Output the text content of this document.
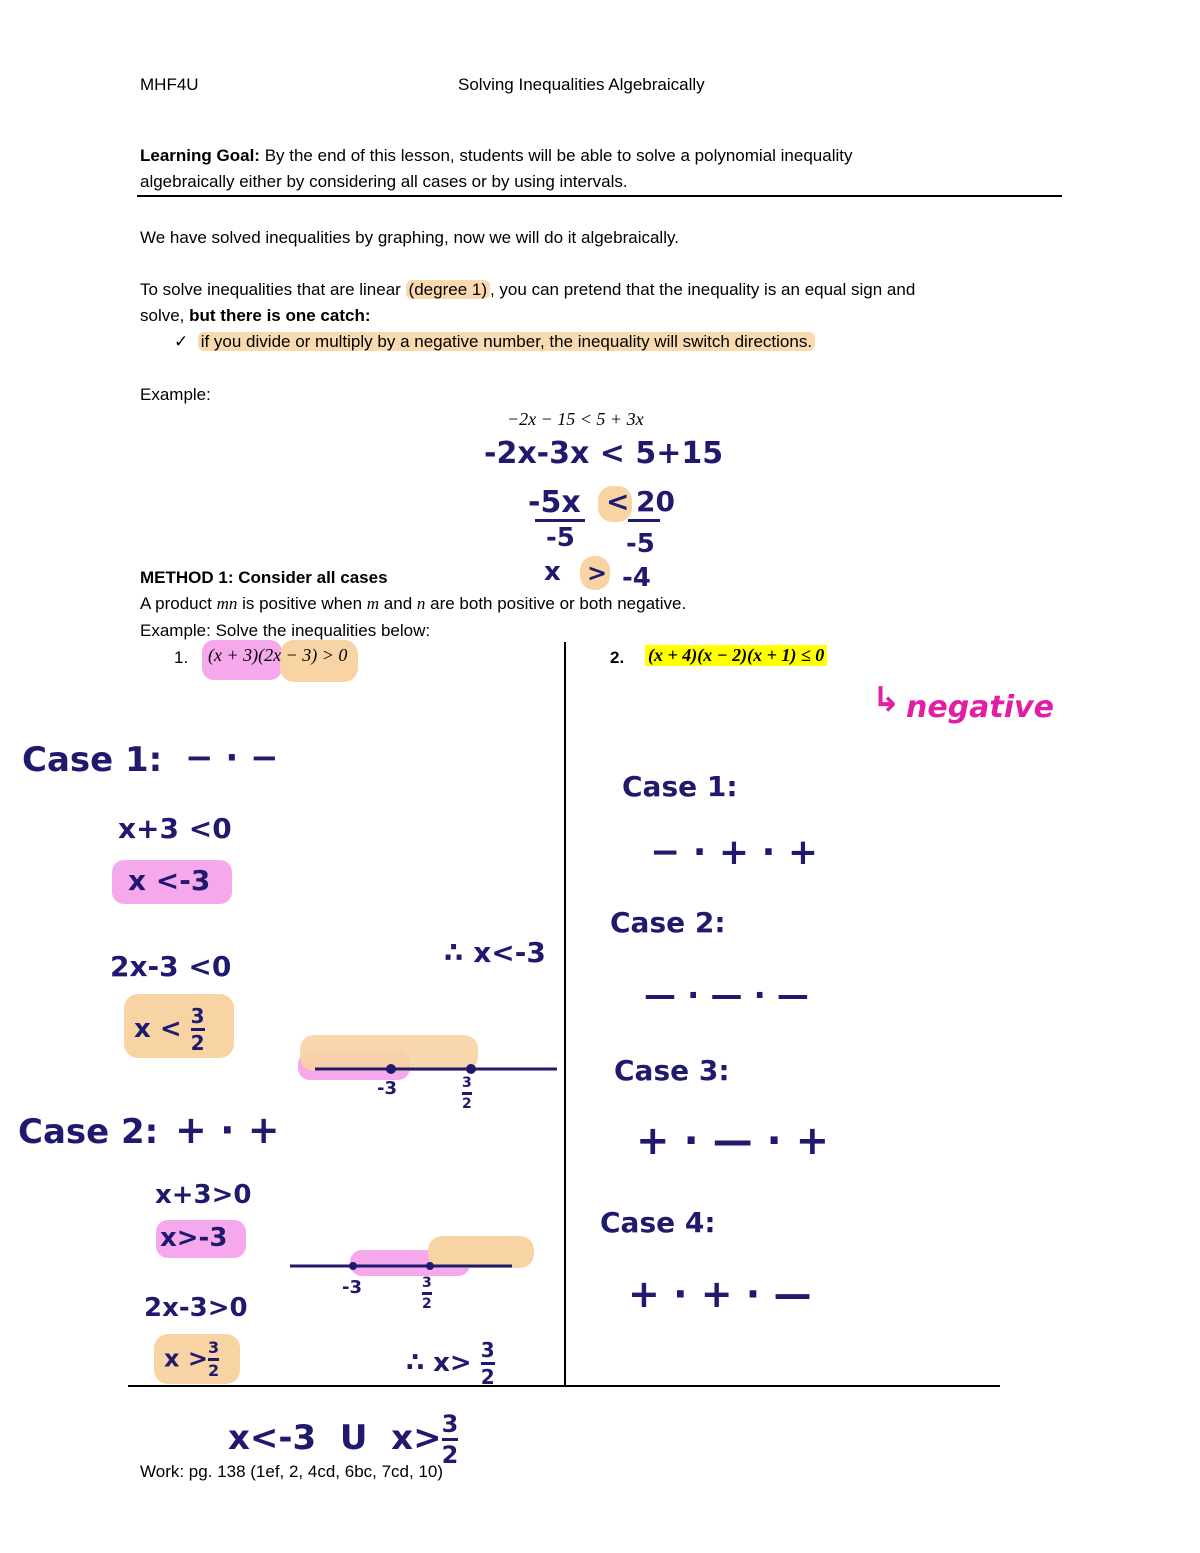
MHF4U	Solving Inequalities Algebraically
Learning Goal: By the end of this lesson, students will be able to solve a polynomial inequality
algebraically either by considering all cases or by using intervals.
We have solved inequalities by graphing, now we will do it algebraically.
To solve inequalities that are linear (degree 1) , you can pretend that the inequality is an equal sign and
solve, but there is one catch:
✓ if you divide or multiply by a negative number, the inequality will switch directions.
Example:
−2x − 15 < 5 + 3x
-2x-3x < 5+15
-5x < 20
-5 -5
x > -4
METHOD 1: Consider all cases
A product mn is positive when m and n are both positive or both negative.
Example: Solve the inequalities below:
1. (x + 3)(2x − 3) > 0	2. (x + 4)(x − 2)(x + 1) ≤ 0
↳ negative
Case 1: − · −
x+3 <0
x <-3
2x-3 <0
$x < \frac{3}{2}$
∴ x<-3
Case 2: + · +
x+3>0
x>-3
2x-3>0
$x > \frac{3}{2}$	∴ $x> \frac{3}{2}$
-3	$\frac{3}{2}$
-3	$\frac{3}{2}$
x<-3 U $x> \frac{3}{2}$
Case 1:
− · + · +
Case 2:
— · — · —
Case 3:
+ · — · +
Case 4:
+ · + · —
Work: pg. 138 (1ef, 2, 4cd, 6bc, 7cd, 10)
